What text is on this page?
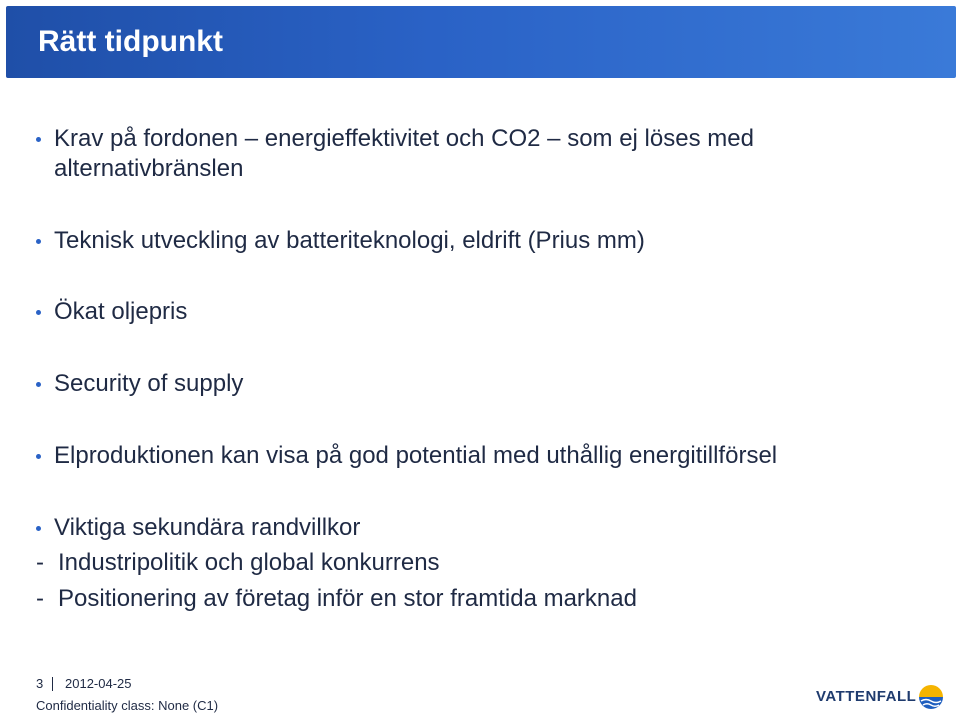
Rätt tidpunkt
Krav på fordonen – energieffektivitet och CO2 – som ej löses med alternativbränslen
Teknisk utveckling av batteriteknologi, eldrift (Prius mm)
Ökat oljepris
Security of supply
Elproduktionen kan visa på god potential med uthållig energitillförsel
Viktiga sekundära randvillkor
- Industripolitik och global konkurrens
- Positionering av företag inför en stor framtida marknad
3 2012-04-25
Confidentiality class: None (C1)
VATTENFALL
